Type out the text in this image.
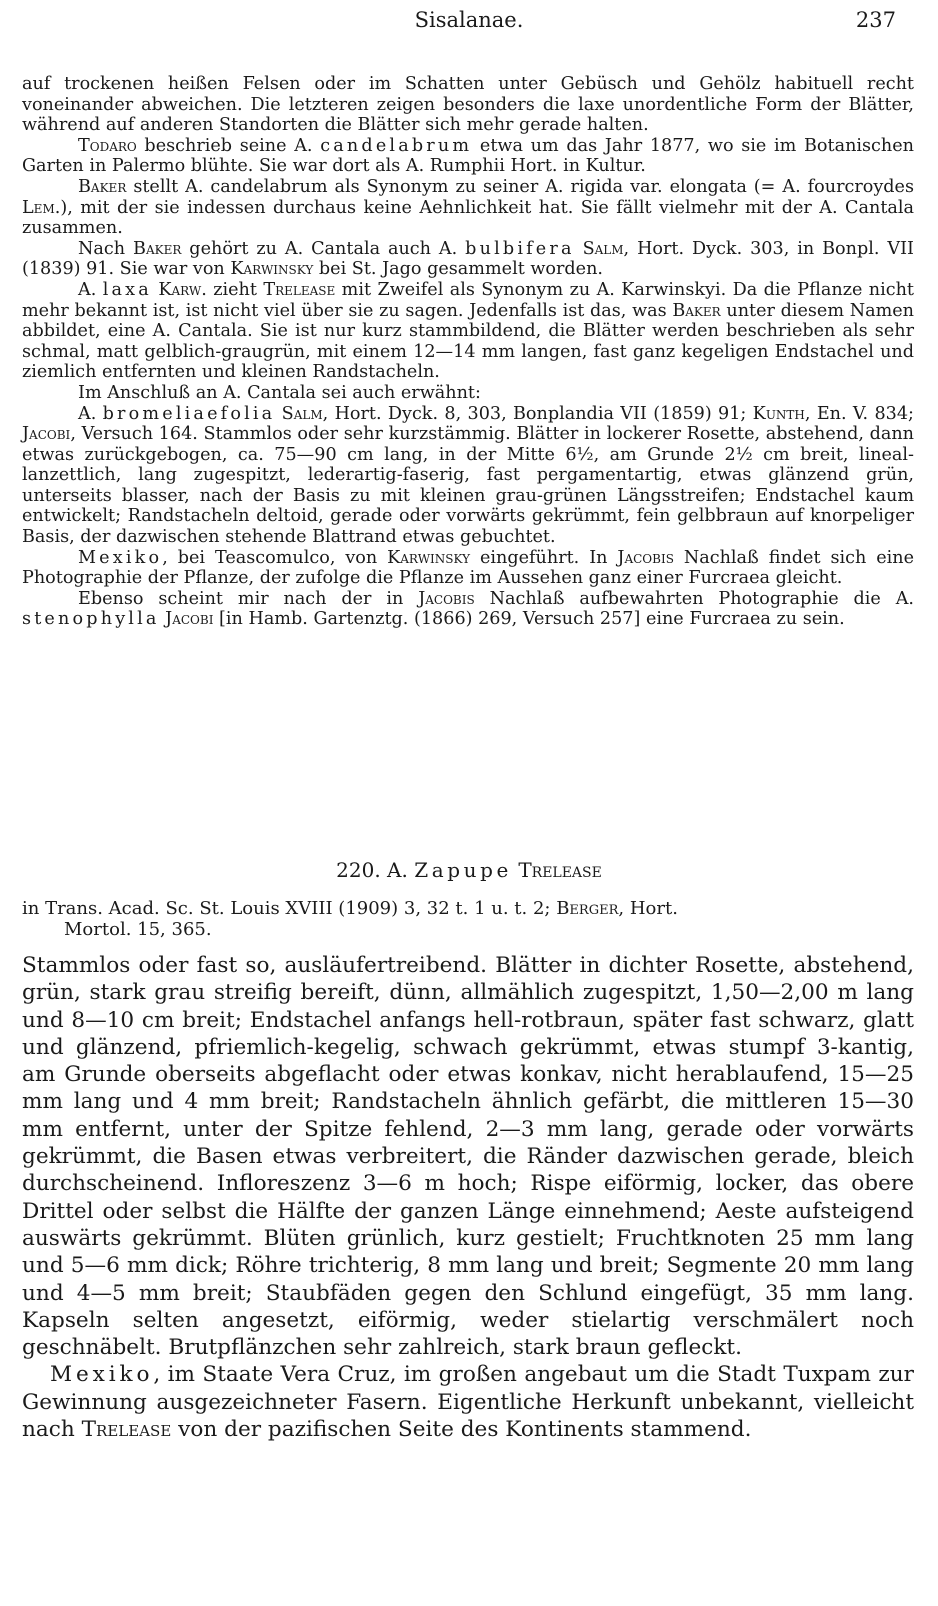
Sisalanae.	237

auf trockenen heißen Felsen oder im Schatten unter Gebüsch und Gehölz habituell recht voneinander abweichen. Die letzteren zeigen besonders die laxe unordentliche Form der Blätter, während auf anderen Standorten die Blätter sich mehr gerade halten.

Todaro beschrieb seine A. candelabrum etwa um das Jahr 1877, wo sie im Botanischen Garten in Palermo blühte. Sie war dort als A. Rumphii Hort. in Kultur.

Baker stellt A. candelabrum als Synonym zu seiner A. rigida var. elongata (= A. fourcroydes Lem.), mit der sie indessen durchaus keine Aehnlichkeit hat. Sie fällt vielmehr mit der A. Cantala zusammen.

Nach Baker gehört zu A. Cantala auch A. bulbifera Salm, Hort. Dyck. 303, in Bonpl. VII (1839) 91. Sie war von Karwinsky bei St. Jago gesammelt worden.

A. laxa Karw. zieht Trelease mit Zweifel als Synonym zu A. Karwinskyi. Da die Pflanze nicht mehr bekannt ist, ist nicht viel über sie zu sagen. Jedenfalls ist das, was Baker unter diesem Namen abbildet, eine A. Cantala. Sie ist nur kurz stammbildend, die Blätter werden beschrieben als sehr schmal, matt gelblich-graugrün, mit einem 12—14 mm langen, fast ganz kegeligen Endstachel und ziemlich entfernten und kleinen Randstacheln.

Im Anschluß an A. Cantala sei auch erwähnt:

A. bromeliaefolia Salm, Hort. Dyck. 8, 303, Bonplandia VII (1859) 91; Kunth, En. V. 834; Jacobi, Versuch 164. Stammlos oder sehr kurzstämmig. Blätter in lockerer Rosette, abstehend, dann etwas zurückgebogen, ca. 75—90 cm lang, in der Mitte 6½, am Grunde 2½ cm breit, lineal-lanzettlich, lang zugespitzt, lederartig-faserig, fast pergamentartig, etwas glänzend grün, unterseits blasser, nach der Basis zu mit kleinen grau-grünen Längsstreifen; Endstachel kaum entwickelt; Randstacheln deltoid, gerade oder vorwärts gekrümmt, fein gelbbraun auf knorpeliger Basis, der dazwischen stehende Blattrand etwas gebuchtet.

Mexiko, bei Teascomulco, von Karwinsky eingeführt. In Jacobis Nachlaß findet sich eine Photographie der Pflanze, der zufolge die Pflanze im Aussehen ganz einer Furcraea gleicht.

Ebenso scheint mir nach der in Jacobis Nachlaß aufbewahrten Photographie die A. stenophylla Jacobi [in Hamb. Gartenztg. (1866) 269, Versuch 257] eine Furcraea zu sein.

220. A. Zapupe Trelease
in Trans. Acad. Sc. St. Louis XVIII (1909) 3, 32 t. 1 u. t. 2; Berger, Hort.
Mortol. 15, 365.

Stammlos oder fast so, ausläufertreibend. Blätter in dichter Rosette, abstehend, grün, stark grau streifig bereift, dünn, allmählich zugespitzt, 1,50—2,00 m lang und 8—10 cm breit; Endstachel anfangs hell-rotbraun, später fast schwarz, glatt und glänzend, pfriemlich-kegelig, schwach gekrümmt, etwas stumpf 3-kantig, am Grunde oberseits abgeflacht oder etwas konkav, nicht herablaufend, 15—25 mm lang und 4 mm breit; Randstacheln ähnlich gefärbt, die mittleren 15—30 mm entfernt, unter der Spitze fehlend, 2—3 mm lang, gerade oder vorwärts gekrümmt, die Basen etwas verbreitert, die Ränder dazwischen gerade, bleich durchscheinend. Infloreszenz 3—6 m hoch; Rispe eiförmig, locker, das obere Drittel oder selbst die Hälfte der ganzen Länge einnehmend; Aeste aufsteigend auswärts gekrümmt. Blüten grünlich, kurz gestielt; Fruchtknoten 25 mm lang und 5—6 mm dick; Röhre trichterig, 8 mm lang und breit; Segmente 20 mm lang und 4—5 mm breit; Staubfäden gegen den Schlund eingefügt, 35 mm lang. Kapseln selten angesetzt, eiförmig, weder stielartig verschmälert noch geschnäbelt. Brutpflänzchen sehr zahlreich, stark braun gefleckt.

Mexiko, im Staate Vera Cruz, im großen angebaut um die Stadt Tuxpam zur Gewinnung ausgezeichneter Fasern. Eigentliche Herkunft unbekannt, vielleicht nach Trelease von der pazifischen Seite des Kontinents stammend.
